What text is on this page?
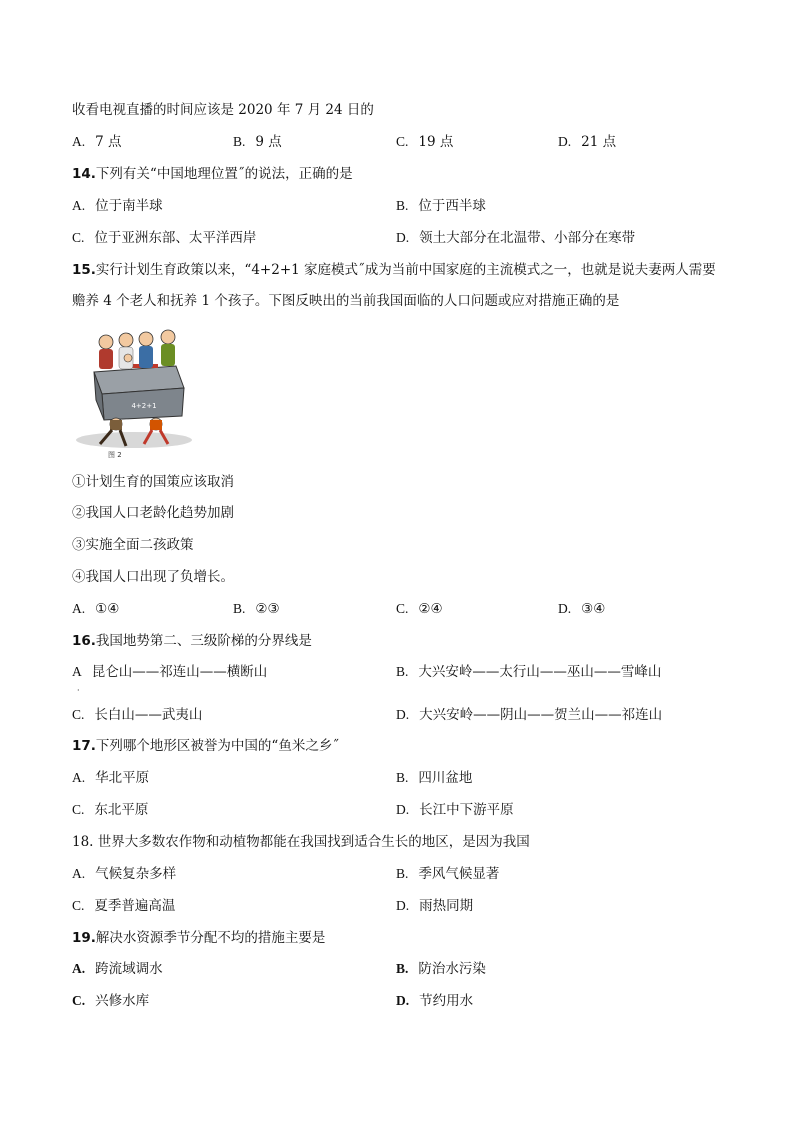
收看电视直播的时间应该是 2020 年 7 月 24 日的
A. 7 点	B. 9 点	C. 19 点	D. 21 点
14.下列有关“中国地理位置˝的说法，正确的是
A. 位于南半球	B. 位于西半球
C. 位于亚洲东部、太平洋西岸	D. 领土大部分在北温带、小部分在寒带
15.实行计划生育政策以来，“4+2+1 家庭模式˝成为当前中国家庭的主流模式之一，也就是说夫妻两人需要
赡养 4 个老人和抚养 1 个孩子。下图反映出的当前我国面临的人口问题或应对措施正确的是
4+2+1
图 2
①计划生育的国策应该取消
②我国人口老龄化趋势加剧
③实施全面二孩政策
④我国人口出现了负增长。
A. ①④	B. ②③	C. ②④	D. ③④
16.我国地势第二、三级阶梯的分界线是
A 昆仑山——祁连山——横断山	B. 大兴安岭——太行山——巫山——雪峰山
·
C. 长白山——武夷山	D. 大兴安岭——阴山——贺兰山——祁连山
17.下列哪个地形区被誉为中国的“鱼米之乡˝
A. 华北平原	B. 四川盆地
C. 东北平原	D. 长江中下游平原
18. 世界大多数农作物和动植物都能在我国找到适合生长的地区，是因为我国
A. 气候复杂多样	B. 季风气候显著
C. 夏季普遍高温	D. 雨热同期
19.解决水资源季节分配不均的措施主要是
A. 跨流域调水	B. 防治水污染
C. 兴修水库	D. 节约用水
